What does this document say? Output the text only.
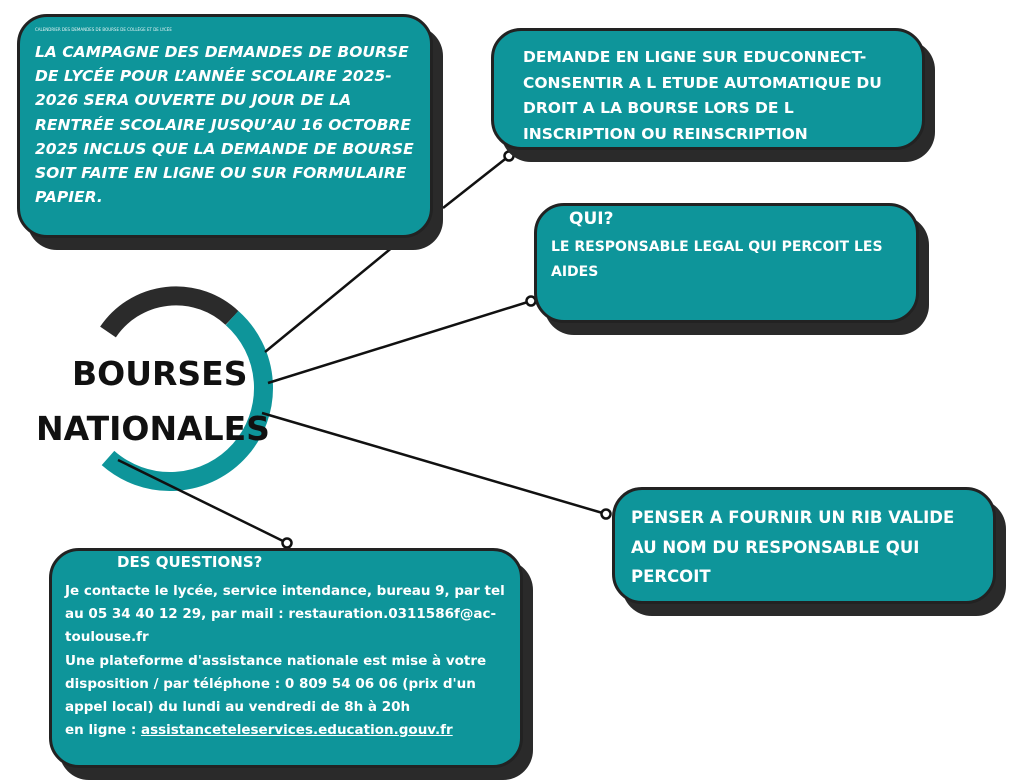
CALENDRIER DES DEMANDES DE BOURSE DE COLLÈGE ET DE LYCÉE
LA CAMPAGNE DES DEMANDES DE BOURSE DE LYCÉE POUR L’ANNÉE SCOLAIRE 2025-2026 SERA OUVERTE DU JOUR DE LA RENTRÉE SCOLAIRE JUSQU’AU 16 OCTOBRE 2025 INCLUS QUE LA DEMANDE DE BOURSE SOIT FAITE EN LIGNE OU SUR FORMULAIRE PAPIER.
DEMANDE EN LIGNE SUR EDUCONNECT- CONSENTIR A L ETUDE AUTOMATIQUE DU DROIT A LA BOURSE LORS DE L INSCRIPTION OU REINSCRIPTION
QUI?
LE RESPONSABLE LEGAL QUI PERCOIT LES AIDES
PENSER A FOURNIR UN RIB VALIDE AU NOM DU RESPONSABLE QUI PERCOIT
DES QUESTIONS?
Je contacte le lycée, service intendance, bureau 9, par tel au 05 34 40 12 29, par mail : restauration.0311586f@ac-toulouse.fr
Une plateforme d'assistance nationale est mise à votre disposition / par téléphone : 0 809 54 06 06 (prix d'un appel local) du lundi au vendredi de 8h à 20h
en ligne : assistanceteleservices.education.gouv.fr
BOURSES
NATIONALES
